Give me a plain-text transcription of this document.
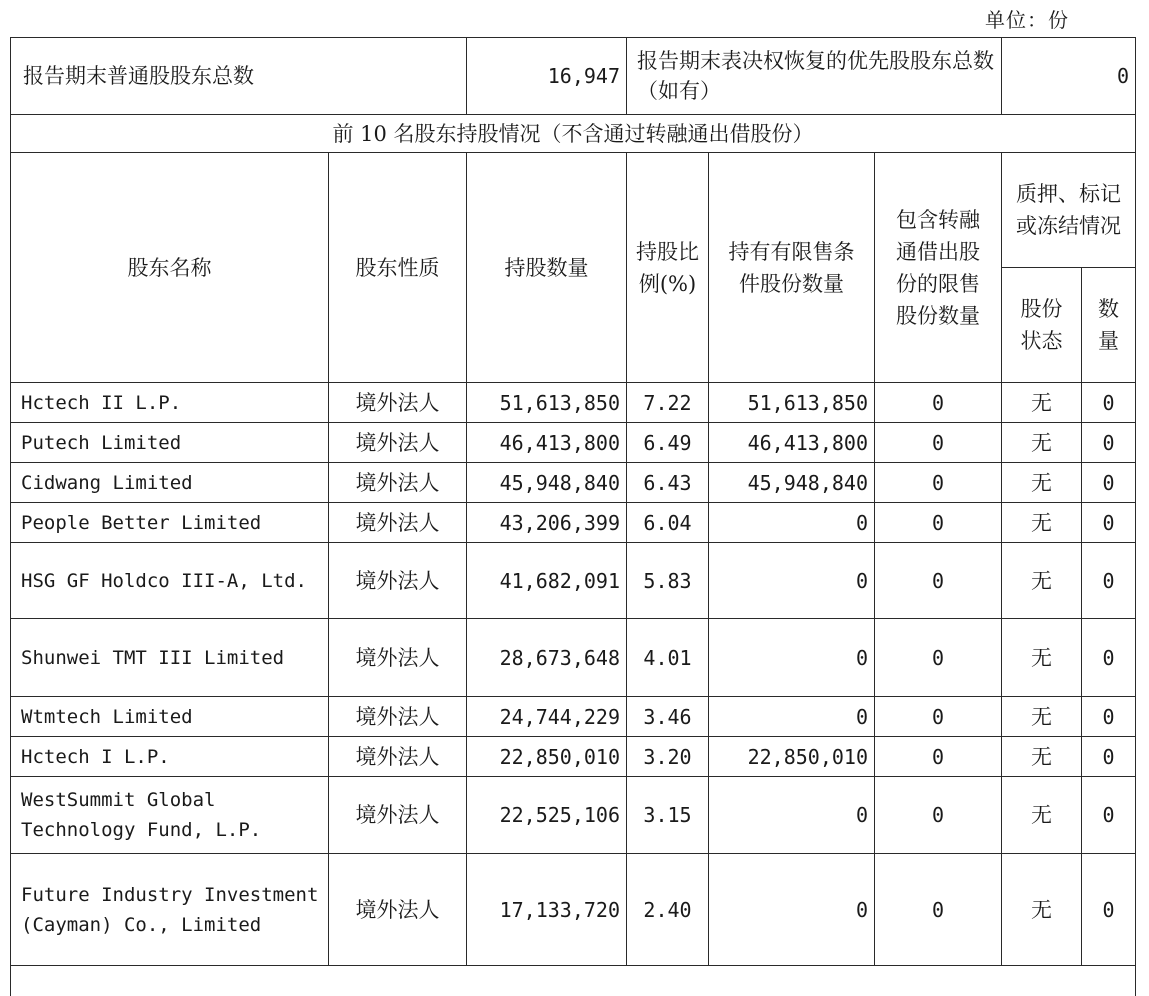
单位：份
报告期末普通股股东总数		16,947	报告期末表决权恢复的优先股股东总数（如有）			0	
前 10 名股东持股情况（不含通过转融通出借股份）							
股东名称	股东性质	持股数量	持股比例(%)	持有有限售条件股份数量	包含转融通借出股份的限售股份数量	质押、标记或冻结情况	
						股份状态	数量
Hctech II L.P.	境外法人	51,613,850	7.22	51,613,850	0	无	0
Putech Limited	境外法人	46,413,800	6.49	46,413,800	0	无	0
Cidwang Limited	境外法人	45,948,840	6.43	45,948,840	0	无	0
People Better Limited	境外法人	43,206,399	6.04	0	0	无	0
HSG GF Holdco III-A, Ltd.	境外法人	41,682,091	5.83	0	0	无	0
Shunwei TMT III Limited	境外法人	28,673,648	4.01	0	0	无	0
Wtmtech Limited	境外法人	24,744,229	3.46	0	0	无	0
Hctech I L.P.	境外法人	22,850,010	3.20	22,850,010	0	无	0
WestSummit Global Technology Fund, L.P.	境外法人	22,525,106	3.15	0	0	无	0
Future Industry Investment (Cayman) Co., Limited	境外法人	17,133,720	2.40	0	0	无	0
